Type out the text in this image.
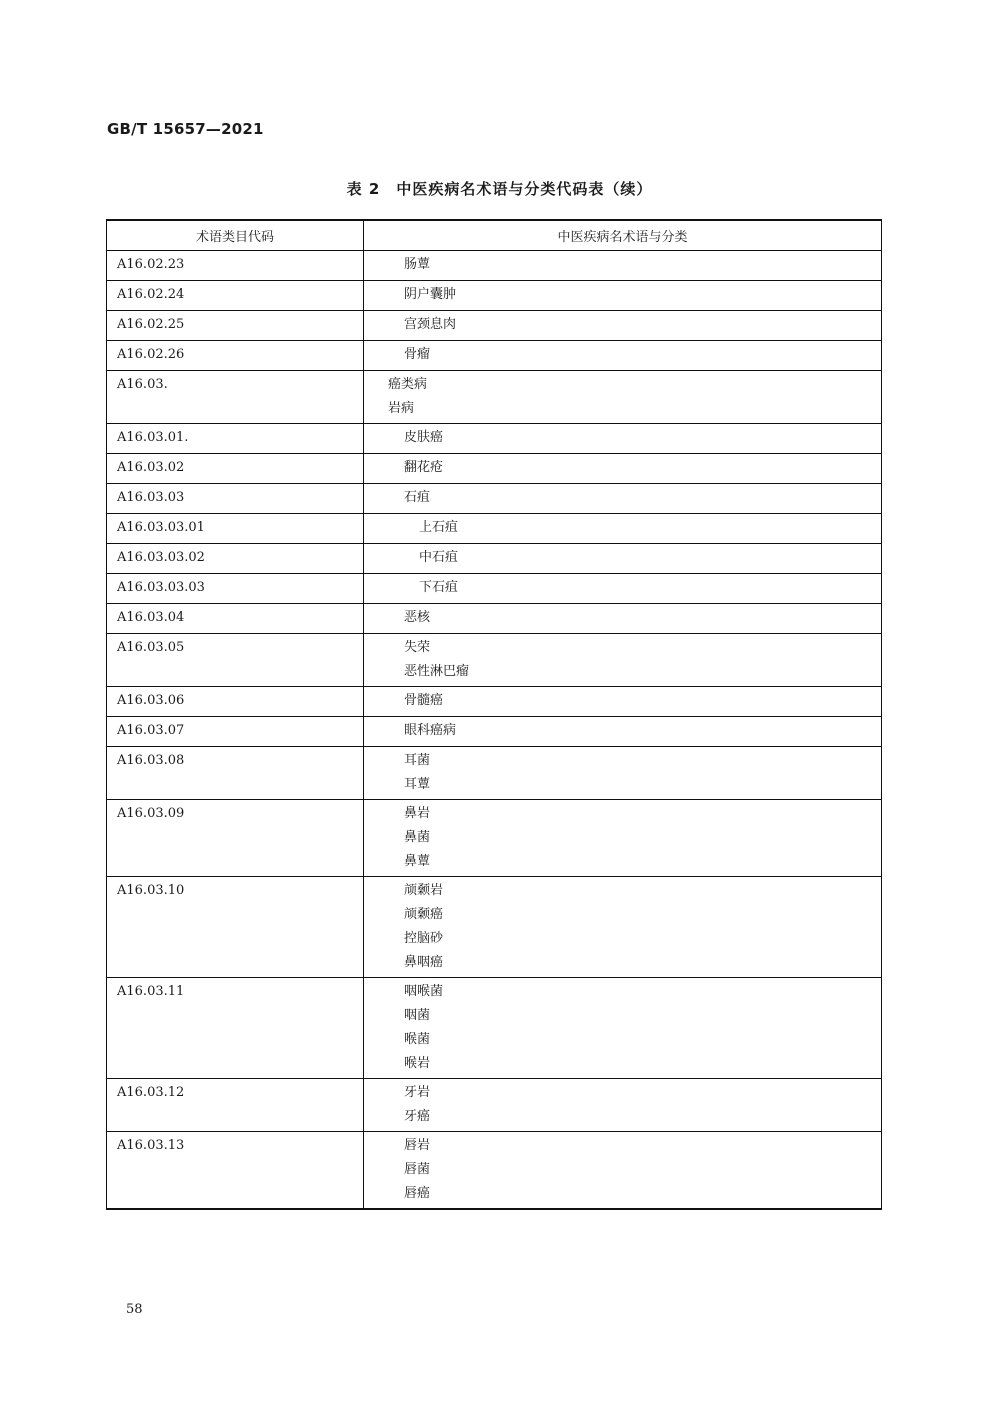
GB/T 15657—2021
表 2　中医疾病名术语与分类代码表（续）
术语类目代码	中医疾病名术语与分类
A16.02.23	肠蕈

A16.02.24	阴户囊肿

A16.02.25	宫颈息肉

A16.02.26	骨瘤

A16.03.	癌类病
岩病

A16.03.01.	皮肤癌

A16.03.02	翻花疮

A16.03.03	石疽

A16.03.03.01	上石疽

A16.03.03.02	中石疽

A16.03.03.03	下石疽

A16.03.04	恶核

A16.03.05	失荣
恶性淋巴瘤

A16.03.06	骨髓癌

A16.03.07	眼科癌病

A16.03.08	耳菌
耳蕈

A16.03.09	鼻岩
鼻菌
鼻蕈

A16.03.10	颃颡岩
颃颡癌
控脑砂
鼻咽癌

A16.03.11	咽喉菌
咽菌
喉菌
喉岩

A16.03.12	牙岩
牙癌

A16.03.13	唇岩
唇菌
唇癌
58
